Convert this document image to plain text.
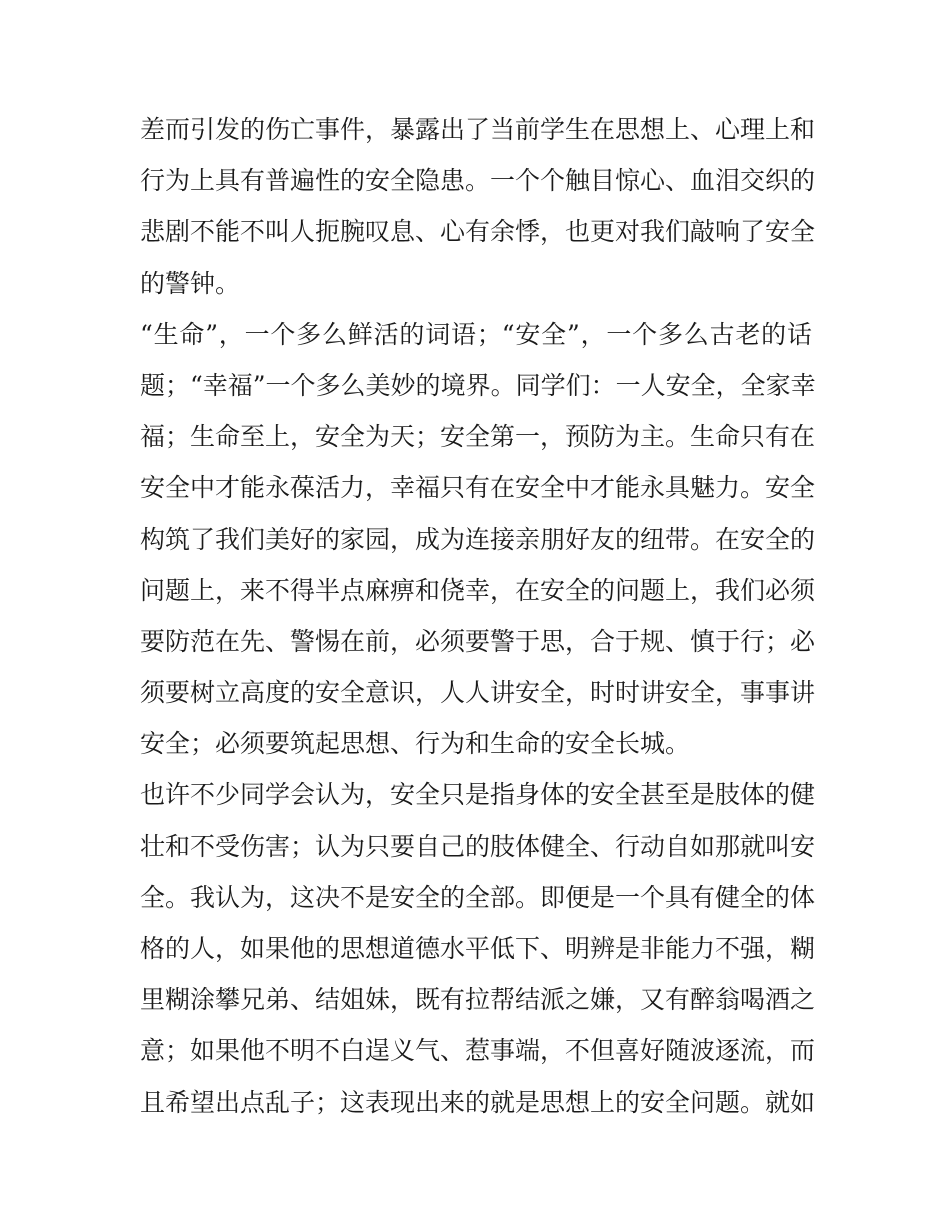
差而引发的伤亡事件，暴露出了当前学生在思想上、心理上和
行为上具有普遍性的安全隐患。一个个触目惊心、血泪交织的
悲剧不能不叫人扼腕叹息、心有余悸，也更对我们敲响了安全
的警钟。

“生命”，一个多么鲜活的词语；“安全”，一个多么古老的话
题；“幸福”一个多么美妙的境界。同学们：一人安全，全家幸
福；生命至上，安全为天；安全第一，预防为主。生命只有在
安全中才能永葆活力，幸福只有在安全中才能永具魅力。安全
构筑了我们美好的家园，成为连接亲朋好友的纽带。在安全的
问题上，来不得半点麻痹和侥幸，在安全的问题上，我们必须
要防范在先、警惕在前，必须要警于思，合于规、慎于行；必
须要树立高度的安全意识，人人讲安全，时时讲安全，事事讲
安全；必须要筑起思想、行为和生命的安全长城。

也许不少同学会认为，安全只是指身体的安全甚至是肢体的健
壮和不受伤害；认为只要自己的肢体健全、行动自如那就叫安
全。我认为，这决不是安全的全部。即便是一个具有健全的体
格的人，如果他的思想道德水平低下、明辨是非能力不强，糊
里糊涂攀兄弟、结姐妹，既有拉帮结派之嫌，又有醉翁喝酒之
意；如果他不明不白逞义气、惹事端，不但喜好随波逐流，而
且希望出点乱子；这表现出来的就是思想上的安全问题。就如
